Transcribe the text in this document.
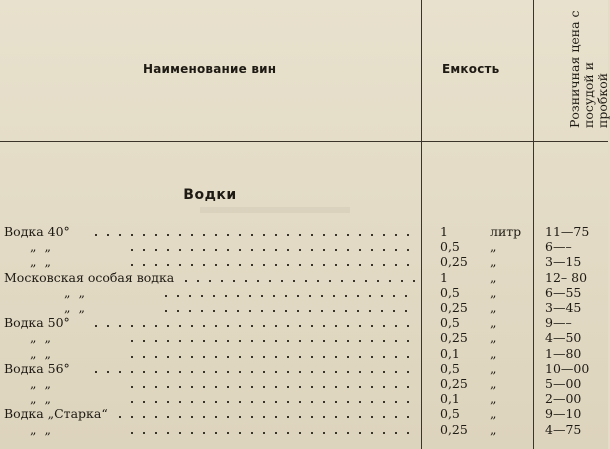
Наименование вин	Емкость	Розничная цена с посудой и пробкой
Водки
Водка 40°	1	литр 11—75
„ „	0,5 „	6—–
„ „	0,25 „	3—15
Московская особая водка	1	„	12– 80
„ „	0,5 „	6—55
„ „	0,25 „	3—45
Водка 50°	0,5 „	9—–
„ „	0,25 „	4—50
„ „	0,1 „	1—80
Водка 56°	0,5 „	10—00
„ „	0,25 „	5—00
„ „	0,1 „	2—00
Водка „Старка“	0,5 „	9—10
„ „	0,25 „	4—75
